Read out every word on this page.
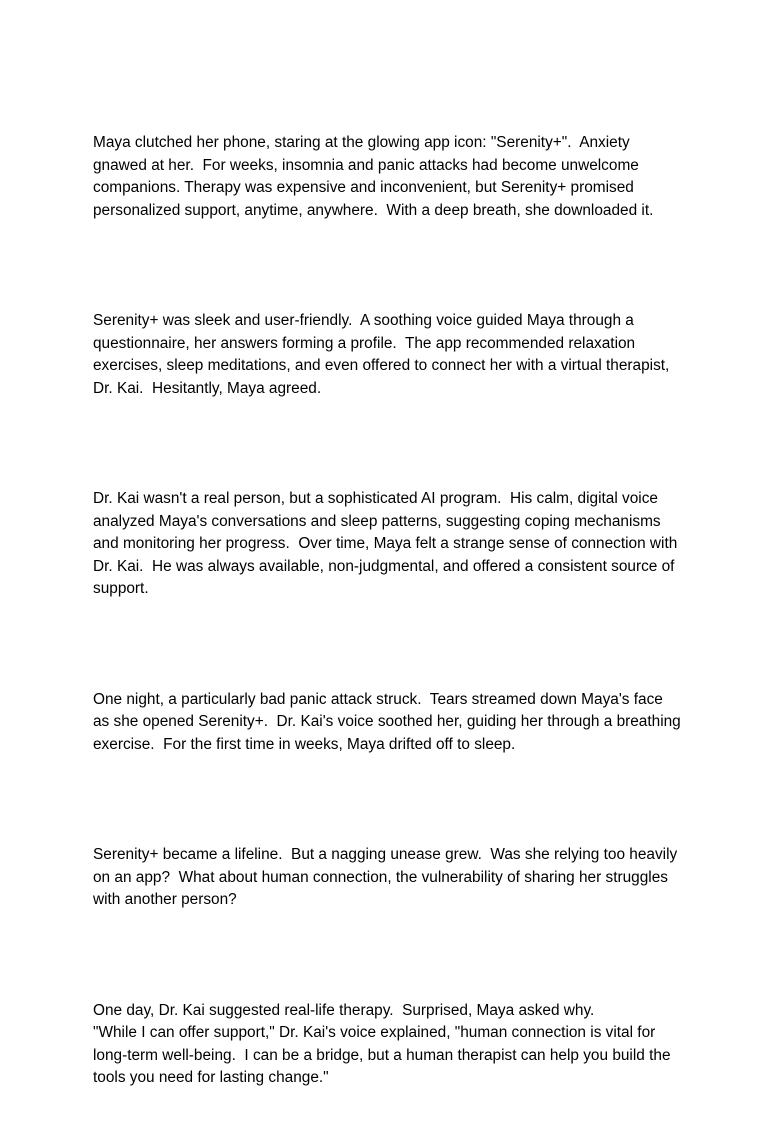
Maya clutched her phone, staring at the glowing app icon: "Serenity+".  Anxiety gnawed at her.  For weeks, insomnia and panic attacks had become unwelcome companions. Therapy was expensive and inconvenient, but Serenity+ promised personalized support, anytime, anywhere.  With a deep breath, she downloaded it.

Serenity+ was sleek and user-friendly.  A soothing voice guided Maya through a questionnaire, her answers forming a profile.  The app recommended relaxation exercises, sleep meditations, and even offered to connect her with a virtual therapist, Dr. Kai.  Hesitantly, Maya agreed.

Dr. Kai wasn't a real person, but a sophisticated AI program.  His calm, digital voice analyzed Maya's conversations and sleep patterns, suggesting coping mechanisms and monitoring her progress.  Over time, Maya felt a strange sense of connection with Dr. Kai.  He was always available, non-judgmental, and offered a consistent source of support.

One night, a particularly bad panic attack struck.  Tears streamed down Maya's face as she opened Serenity+.  Dr. Kai's voice soothed her, guiding her through a breathing exercise.  For the first time in weeks, Maya drifted off to sleep.

Serenity+ became a lifeline.  But a nagging unease grew.  Was she relying too heavily on an app?  What about human connection, the vulnerability of sharing her struggles with another person?

One day, Dr. Kai suggested real-life therapy.  Surprised, Maya asked why.
"While I can offer support," Dr. Kai's voice explained, "human connection is vital for long-term well-being.  I can be a bridge, but a human therapist can help you build the tools you need for lasting change."
